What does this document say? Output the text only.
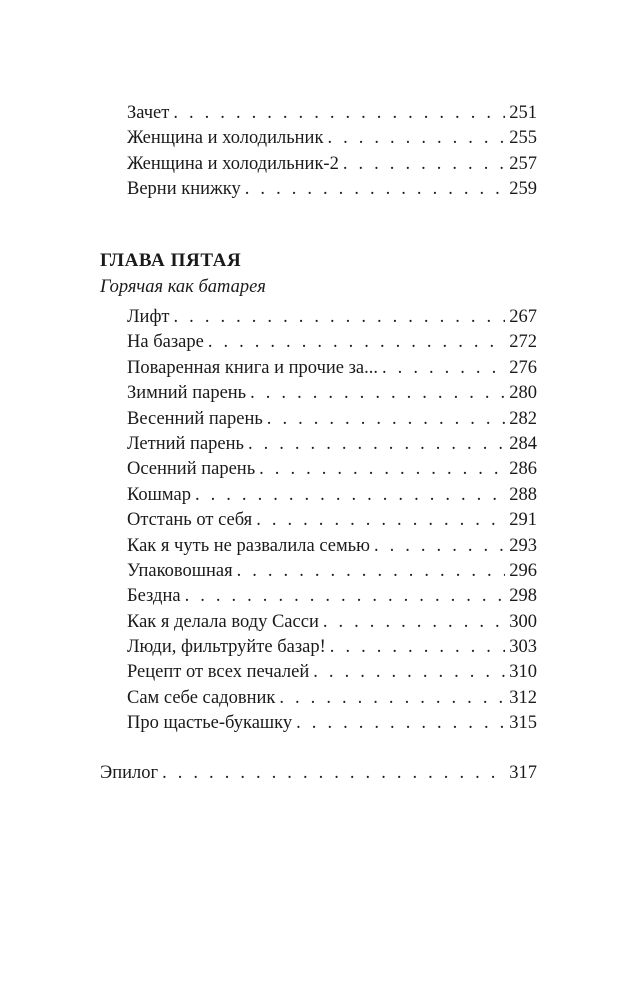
Зачет . . .	251
Женщина и холодильник . . .	255
Женщина и холодильник-2 . . .	257
Верни книжку . . .	259
ГЛАВА ПЯТАЯ
Горячая как батарея
Лифт . . .	267
На базаре . . .	272
Поваренная книга и прочие за... . . .	276
Зимний парень . . .	280
Весенний парень . . .	282
Летний парень . . .	284
Осенний парень . . .	286
Кошмар . . .	288
Отстань от себя . . .	291
Как я чуть не развалила семью . . .	293
Упаковошная . . .	296
Бездна . . .	298
Как я делала воду Сасси . . .	300
Люди, фильтруйте базар! . . .	303
Рецепт от всех печалей . . .	310
Сам себе садовник . . .	312
Про щастье-букашку . . .	315
Эпилог . . .	317
